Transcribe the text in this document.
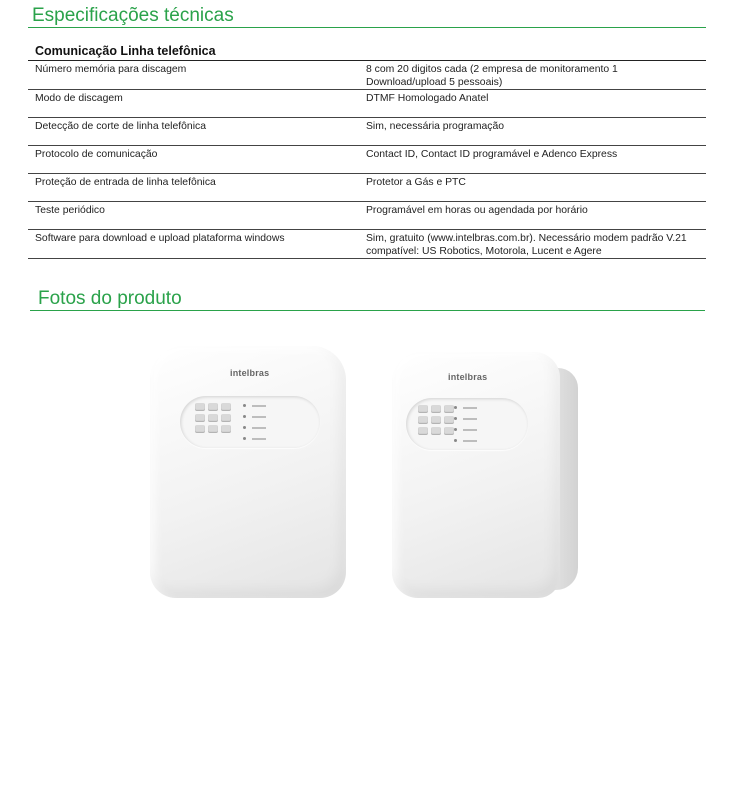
Especificações técnicas
Comunicação Linha telefônica
Número memória para discagem	8 com 20 digitos cada (2 empresa de monitoramento 1 Download/upload 5 pessoais)
Modo de discagem	DTMF Homologado Anatel
Detecção de corte de linha telefônica	Sim, necessária programação
Protocolo de comunicação	Contact ID, Contact ID programável e Adenco Express
Proteção de entrada de linha telefônica	Protetor a Gás e PTC
Teste periódico	Programável em horas ou agendada por horário
Software para download e upload plataforma windows	Sim, gratuito (www.intelbras.com.br). Necessário modem padrão V.21 compatível: US Robotics, Motorola, Lucent e Agere
Fotos do produto
intelbras	intelbras
